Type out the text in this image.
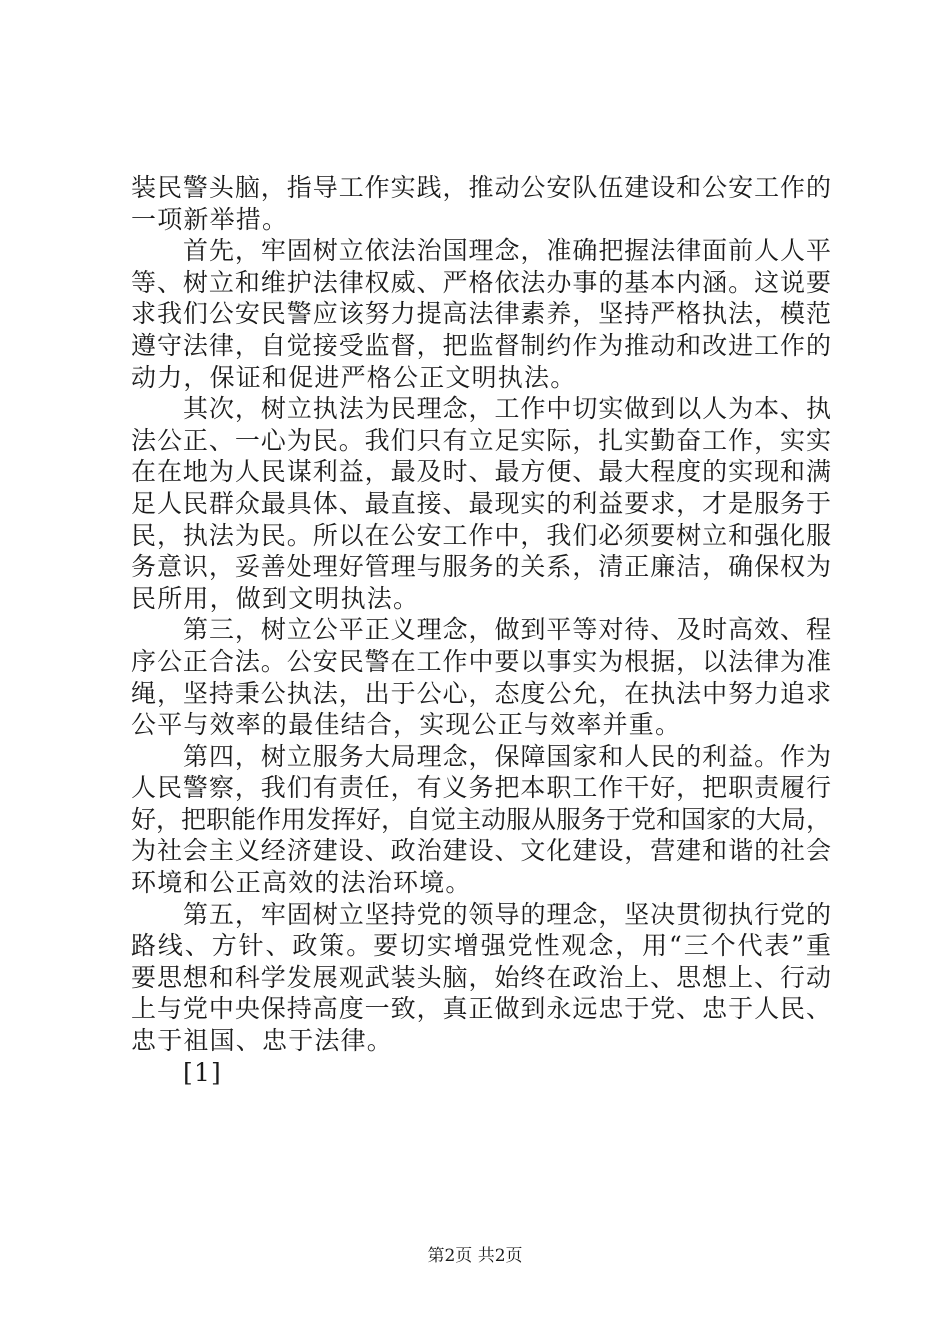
装民警头脑，指导工作实践，推动公安队伍建设和公安工作的
一项新举措。
首先，牢固树立依法治国理念，准确把握法律面前人人平
等、树立和维护法律权威、严格依法办事的基本内涵。这说要
求我们公安民警应该努力提高法律素养，坚持严格执法，模范
遵守法律，自觉接受监督，把监督制约作为推动和改进工作的
动力，保证和促进严格公正文明执法。
其次，树立执法为民理念，工作中切实做到以人为本、执
法公正、一心为民。我们只有立足实际，扎实勤奋工作，实实
在在地为人民谋利益，最及时、最方便、最大程度的实现和满
足人民群众最具体、最直接、最现实的利益要求，才是服务于
民，执法为民。所以在公安工作中，我们必须要树立和强化服
务意识，妥善处理好管理与服务的关系，清正廉洁，确保权为
民所用，做到文明执法。
第三，树立公平正义理念，做到平等对待、及时高效、程
序公正合法。公安民警在工作中要以事实为根据，以法律为准
绳，坚持秉公执法，出于公心，态度公允，在执法中努力追求
公平与效率的最佳结合，实现公正与效率并重。
第四，树立服务大局理念，保障国家和人民的利益。作为
人民警察，我们有责任，有义务把本职工作干好，把职责履行
好，把职能作用发挥好，自觉主动服从服务于党和国家的大局，
为社会主义经济建设、政治建设、文化建设，营建和谐的社会
环境和公正高效的法治环境。
第五，牢固树立坚持党的领导的理念，坚决贯彻执行党的
路线、方针、政策。要切实增强党性观念，用“三个代表”重
要思想和科学发展观武装头脑，始终在政治上、思想上、行动
上与党中央保持高度一致，真正做到永远忠于党、忠于人民、
忠于祖国、忠于法律。
[1]
第2页 共2页
